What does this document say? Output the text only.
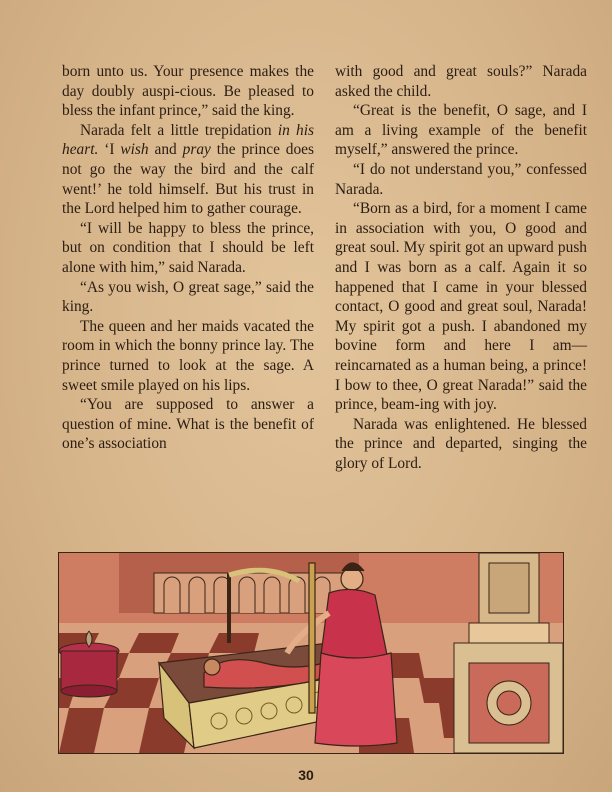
born unto us. Your presence makes the day doubly auspi-cious. Be pleased to bless the infant prince,” said the king.

Narada felt a little trepidation in his heart. ‘I wish and pray the prince does not go the way the bird and the calf went!’ he told himself. But his trust in the Lord helped him to gather courage.

“I will be happy to bless the prince, but on condition that I should be left alone with him,” said Narada.

“As you wish, O great sage,” said the king.

The queen and her maids vacated the room in which the bonny prince lay. The prince turned to look at the sage. A sweet smile played on his lips.

“You are supposed to answer a question of mine. What is the benefit of one’s association

with good and great souls?” Narada asked the child.

“Great is the benefit, O sage, and I am a living example of the benefit myself,” answered the prince.

“I do not understand you,” confessed Narada.

“Born as a bird, for a moment I came in association with you, O good and great soul. My spirit got an upward push and I was born as a calf. Again it so happened that I came in your blessed contact, O good and great soul, Narada! My spirit got a push. I abandoned my bovine form and here I am—reincarnated as a human being, a prince! I bow to thee, O great Narada!” said the prince, beam-ing with joy.

Narada was enlightened. He blessed the prince and departed, singing the glory of Lord.

30
